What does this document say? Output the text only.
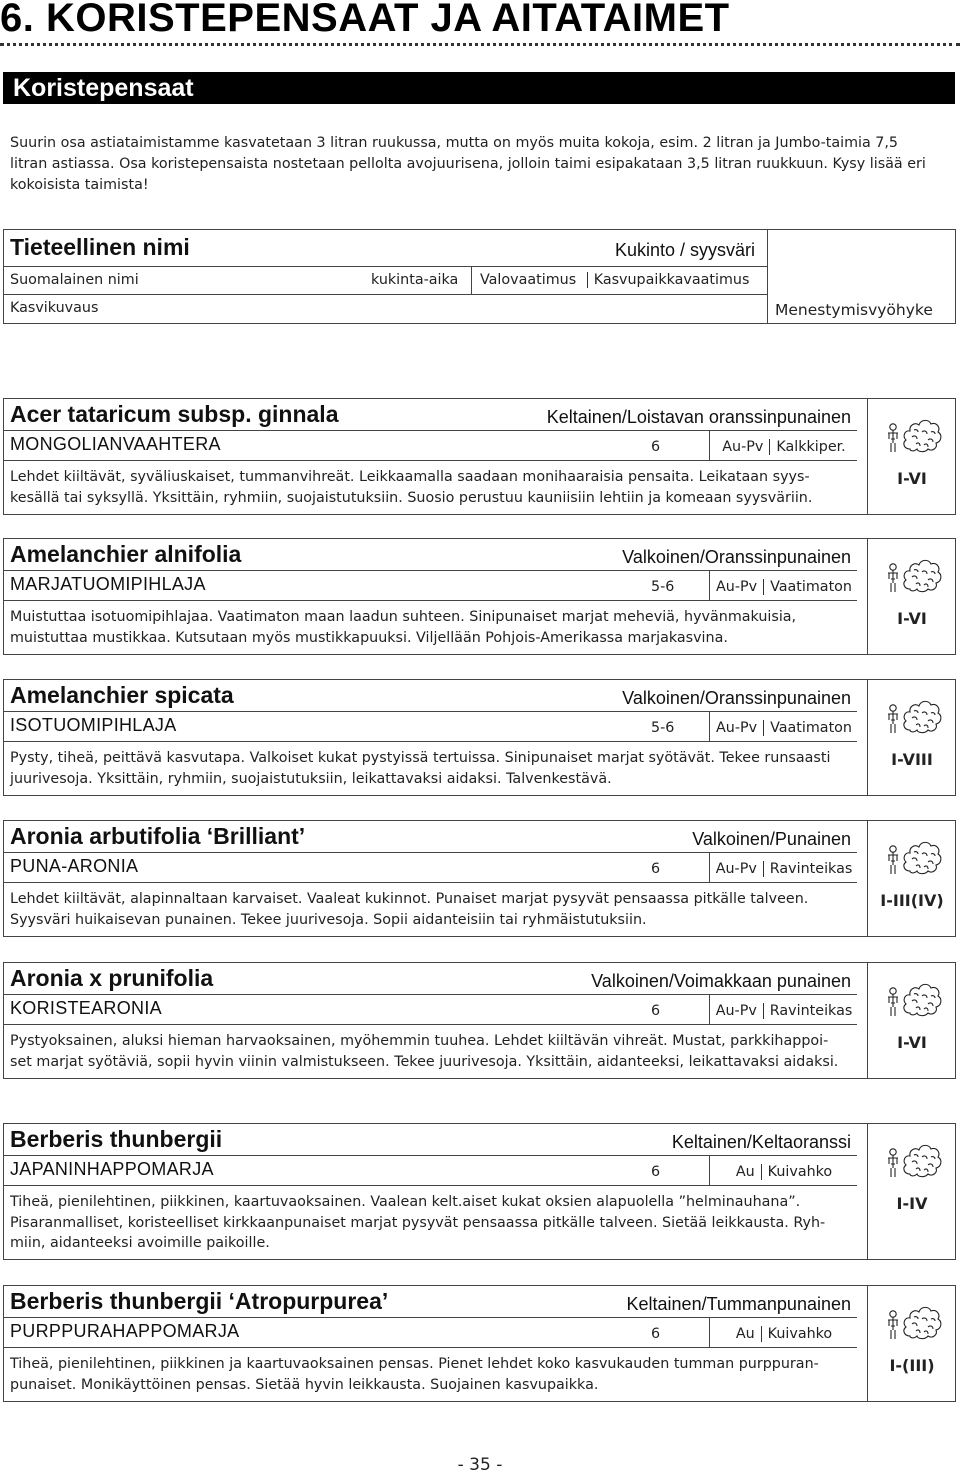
6. KORISTEPENSAAT JA AITATAIMET
Koristepensaat

Suurin osa astiataimistamme kasvatetaan 3 litran ruukussa, mutta on myös muita kokoja, esim. 2 litran ja Jumbo-taimia 7,5 litran astiassa. Osa koristepensaista nostetaan pellolta avojuurisena, jolloin taimi esipakataan 3,5 litran ruukkuun. Kysy lisää eri kokoisista taimista!

Tieteellinen nimi	Kukinto / syysväri
Suomalainen nimi	kukinta-aika Valovaatimus Kasvupaikkavaatimus
Kasvikuvaus	Menestymisvyöhyke
Acer tataricum subsp. ginnala	Keltainen/Loistavan oranssinpunainen
MONGOLIANVAAHTERA	6	Au-Pv Kalkkiper.

Lehdet kiiltävät, syväliuskaiset, tummanvihreät. Leikkaamalla saadaan monihaaraisia pensaita. Leikataan syys-kesällä tai syksyllä. Yksittäin, ryhmiin, suojaistutuksiin. Suosio perustuu kauniisiin lehtiin ja komeaan syysväriin.

I-VI
Amelanchier alnifolia	Valkoinen/Oranssinpunainen
MARJATUOMIPIHLAJA	5-6	Au-Pv Vaatimaton

Muistuttaa isotuomipihlajaa. Vaatimaton maan laadun suhteen. Sinipunaiset marjat meheviä, hyvänmakuisia, muistuttaa mustikkaa. Kutsutaan myös mustikkapuuksi. Viljellään Pohjois-Amerikassa marjakasvina.

I-VI
Amelanchier spicata	Valkoinen/Oranssinpunainen
ISOTUOMIPIHLAJA	5-6	Au-Pv Vaatimaton

Pysty, tiheä, peittävä kasvutapa. Valkoiset kukat pystyissä tertuissa. Sinipunaiset marjat syötävät. Tekee runsaasti juurivesoja. Yksittäin, ryhmiin, suojaistutuksiin, leikattavaksi aidaksi. Talvenkestävä.

I-VIII
Aronia arbutifolia ‘Brilliant’	Valkoinen/Punainen
PUNA-ARONIA	6	Au-Pv Ravinteikas

Lehdet kiiltävät, alapinnaltaan karvaiset. Vaaleat kukinnot. Punaiset marjat pysyvät pensaassa pitkälle talveen. Syysväri huikaisevan punainen. Tekee juurivesoja. Sopii aidanteisiin tai ryhmäistutuksiin.

I-III(IV)
Aronia x prunifolia	Valkoinen/Voimakkaan punainen
KORISTEARONIA	6	Au-Pv Ravinteikas

Pystyoksainen, aluksi hieman harvaoksainen, myöhemmin tuuhea. Lehdet kiiltävän vihreät. Mustat, parkkihappoi-set marjat syötäviä, sopii hyvin viinin valmistukseen. Tekee juurivesoja. Yksittäin, aidanteeksi, leikattavaksi aidaksi.

I-VI
Berberis thunbergii	Keltainen/Keltaoranssi
JAPANINHAPPOMARJA	6	Au Kuivahko

Tiheä, pienilehtinen, piikkinen, kaartuvaoksainen. Vaalean kelt.aiset kukat oksien alapuolella ”helminauhana”. Pisaranmalliset, koristeelliset kirkkaanpunaiset marjat pysyvät pensaassa pitkälle talveen. Sietää leikkausta. Ryh-miin, aidanteeksi avoimille paikoille.

I-IV
Berberis thunbergii ‘Atropurpurea’	Keltainen/Tummanpunainen
PURPPURAHAPPOMARJA	6	Au Kuivahko

Tiheä, pienilehtinen, piikkinen ja kaartuvaoksainen pensas. Pienet lehdet koko kasvukauden tumman purppuran-punaiset. Monikäyttöinen pensas. Sietää hyvin leikkausta. Suojainen kasvupaikka.

I-(III)
- 35 -
